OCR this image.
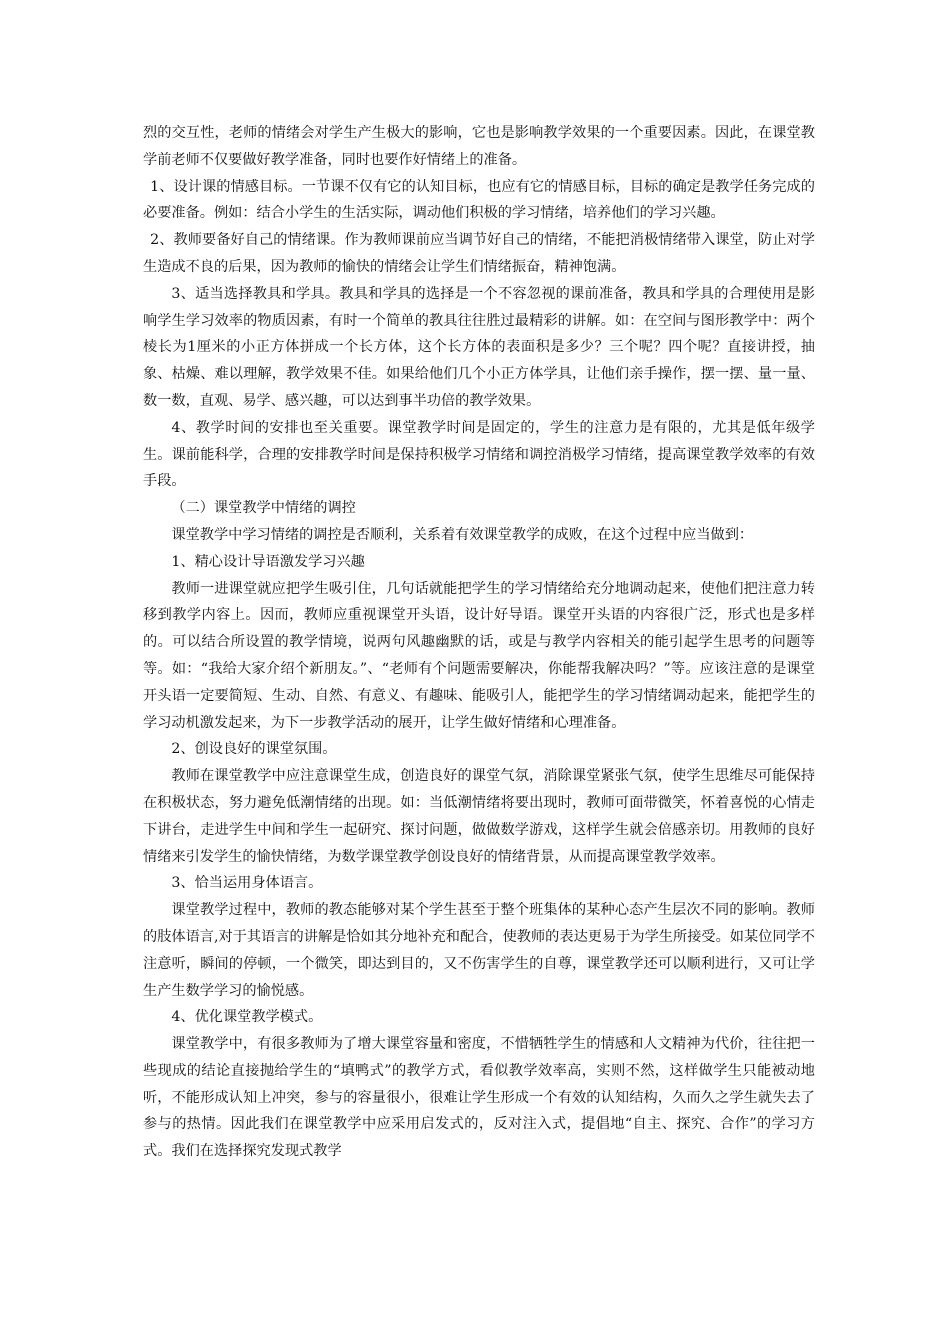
烈的交互性，老师的情绪会对学生产生极大的影响，它也是影响教学效果的一个重要因素。因此，在课堂教学前老师不仅要做好教学准备，同时也要作好情绪上的准备。

1、设计课的情感目标。一节课不仅有它的认知目标，也应有它的情感目标，目标的确定是教学任务完成的必要准备。例如：结合小学生的生活实际，调动他们积极的学习情绪，培养他们的学习兴趣。

2、教师要备好自己的情绪课。作为教师课前应当调节好自己的情绪，不能把消极情绪带入课堂，防止对学生造成不良的后果，因为教师的愉快的情绪会让学生们情绪振奋，精神饱满。

3、适当选择教具和学具。教具和学具的选择是一个不容忽视的课前准备，教具和学具的合理使用是影响学生学习效率的物质因素，有时一个简单的教具往往胜过最精彩的讲解。如：在空间与图形教学中：两个棱长为1厘米的小正方体拼成一个长方体，这个长方体的表面积是多少？三个呢？四个呢？直接讲授，抽象、枯燥、难以理解，教学效果不佳。如果给他们几个小正方体学具，让他们亲手操作，摆一摆、量一量、数一数，直观、易学、感兴趣，可以达到事半功倍的教学效果。

4、教学时间的安排也至关重要。课堂教学时间是固定的，学生的注意力是有限的，尤其是低年级学生。课前能科学，合理的安排教学时间是保持积极学习情绪和调控消极学习情绪，提高课堂教学效率的有效手段。

（二）课堂教学中情绪的调控

课堂教学中学习情绪的调控是否顺利，关系着有效课堂教学的成败，在这个过程中应当做到：

1、精心设计导语激发学习兴趣

教师一进课堂就应把学生吸引住，几句话就能把学生的学习情绪给充分地调动起来，使他们把注意力转移到教学内容上。因而，教师应重视课堂开头语，设计好导语。课堂开头语的内容很广泛，形式也是多样的。可以结合所设置的教学情境，说两句风趣幽默的话，或是与教学内容相关的能引起学生思考的问题等等。如：“我给大家介绍个新朋友。”、“老师有个问题需要解决，你能帮我解决吗？”等。应该注意的是课堂开头语一定要简短、生动、自然、有意义、有趣味、能吸引人，能把学生的学习情绪调动起来，能把学生的学习动机激发起来，为下一步教学活动的展开，让学生做好情绪和心理准备。

2、创设良好的课堂氛围。

教师在课堂教学中应注意课堂生成，创造良好的课堂气氛，消除课堂紧张气氛，使学生思维尽可能保持在积极状态，努力避免低潮情绪的出现。如：当低潮情绪将要出现时，教师可面带微笑，怀着喜悦的心情走下讲台，走进学生中间和学生一起研究、探讨问题，做做数学游戏，这样学生就会倍感亲切。用教师的良好情绪来引发学生的愉快情绪，为数学课堂教学创设良好的情绪背景，从而提高课堂教学效率。

3、恰当运用身体语言。

课堂教学过程中，教师的教态能够对某个学生甚至于整个班集体的某种心态产生层次不同的影响。教师的肢体语言,对于其语言的讲解是恰如其分地补充和配合，使教师的表达更易于为学生所接受。如某位同学不注意听，瞬间的停顿，一个微笑，即达到目的，又不伤害学生的自尊，课堂教学还可以顺利进行，又可让学生产生数学学习的愉悦感。

4、优化课堂教学模式。

课堂教学中，有很多教师为了增大课堂容量和密度，不惜牺牲学生的情感和人文精神为代价，往往把一些现成的结论直接抛给学生的“填鸭式”的教学方式，看似教学效率高，实则不然，这样做学生只能被动地听，不能形成认知上冲突，参与的容量很小，很难让学生形成一个有效的认知结构，久而久之学生就失去了参与的热情。因此我们在课堂教学中应采用启发式的，反对注入式，提倡地“自主、探究、合作”的学习方式。我们在选择探究发现式教学
